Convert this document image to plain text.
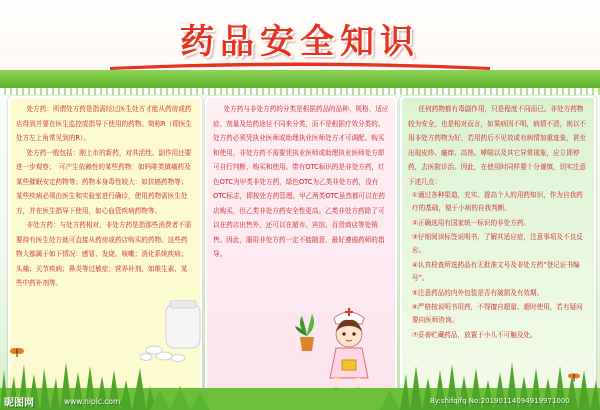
药品安全知识

处方药：所谓处方药是指需经过医生处方才能从药房或药店得到并要在医生监控或指导下使用的药物。简称R（即医生处方左上角常见到的R）。

处方药一般包括：刚上市的新药，对其活性、副作用还要进一步观察；　可产生依赖性的某些药物：如吗啡类镇痛药及某些催眠安定药物等；药物本身毒性较大：如抗癌药物等；某些疾病必须由医生和实验室进行确诊，使用药物需医生处方，并在医生指导下使用，如心血管疾病药物等。

非处方药：与处方药相对，非处方药是指那些消费者不需要持有医生处方就可直接从药房或药店购买的药物。这些药物大都属于如下情况：感冒、发烧、咳嗽；消化系统疾病；头痛；关节疾病；鼻炎等过敏症；营养补剂，如维生素、某些中药补剂等。

处方药与非处方药的分类是根据药品的品种、规格、适应症、剂量及给药途径不同来分类，而不是根据疗效分类的。处方药必须凭执业医师或助理执业医师处方才可调配、购买和使用，非处方药不需要凭执业医师或助理执业医师处方即可自行判断、购买和使用。带有OTC标识的是非处方药，红色OTC为甲类非处方药，绿色OTC为乙类非处方药，没有OTC标志，即按处方药管理。甲乙两类OTC虽然都可以在药店购买，但乙类非处方药安全性更高。乙类非处方药除了可以在药店出售外，还可以在超市、宾馆、百货商店等处销售。因此，服用非处方药一定不能随意，最好遵循药师的指导。

任何药物都有毒副作用，只是程度不同而已。非处方药物较为安全，也是相对而言，如果病因不明，病情不清，则以不用非处方药物为好，若用药后不见效或有病情加重迹象，甚至出现皮疹、瘙痒、高热、哮喘以及其它异常现象，应立即停药，去医院诊治。因此，在使用时同样要十分谨慎，切实注意下述几点：

①通过各种渠道，充实、提高个人的用药知识，作为自我药疗的基础，便于小病的自我判断。

②正确选用有国家统一标识的非处方药。

③仔细阅读标签说明书，了解其适应症，注意事项及不良反应。

④认真检查所选药品有无批准文号及非处方药“登记证书编号”。

⑤注意药品的内外包装是否有破损及有效期。

⑥严格按说明书用药，不得擅自超量、超时使用，若有疑问要向医师咨询。

⑦妥善贮藏药品，放置于小儿不可触及处。

昵图网	www.nipic.com	By:shifqifq No:20190114094919971000
